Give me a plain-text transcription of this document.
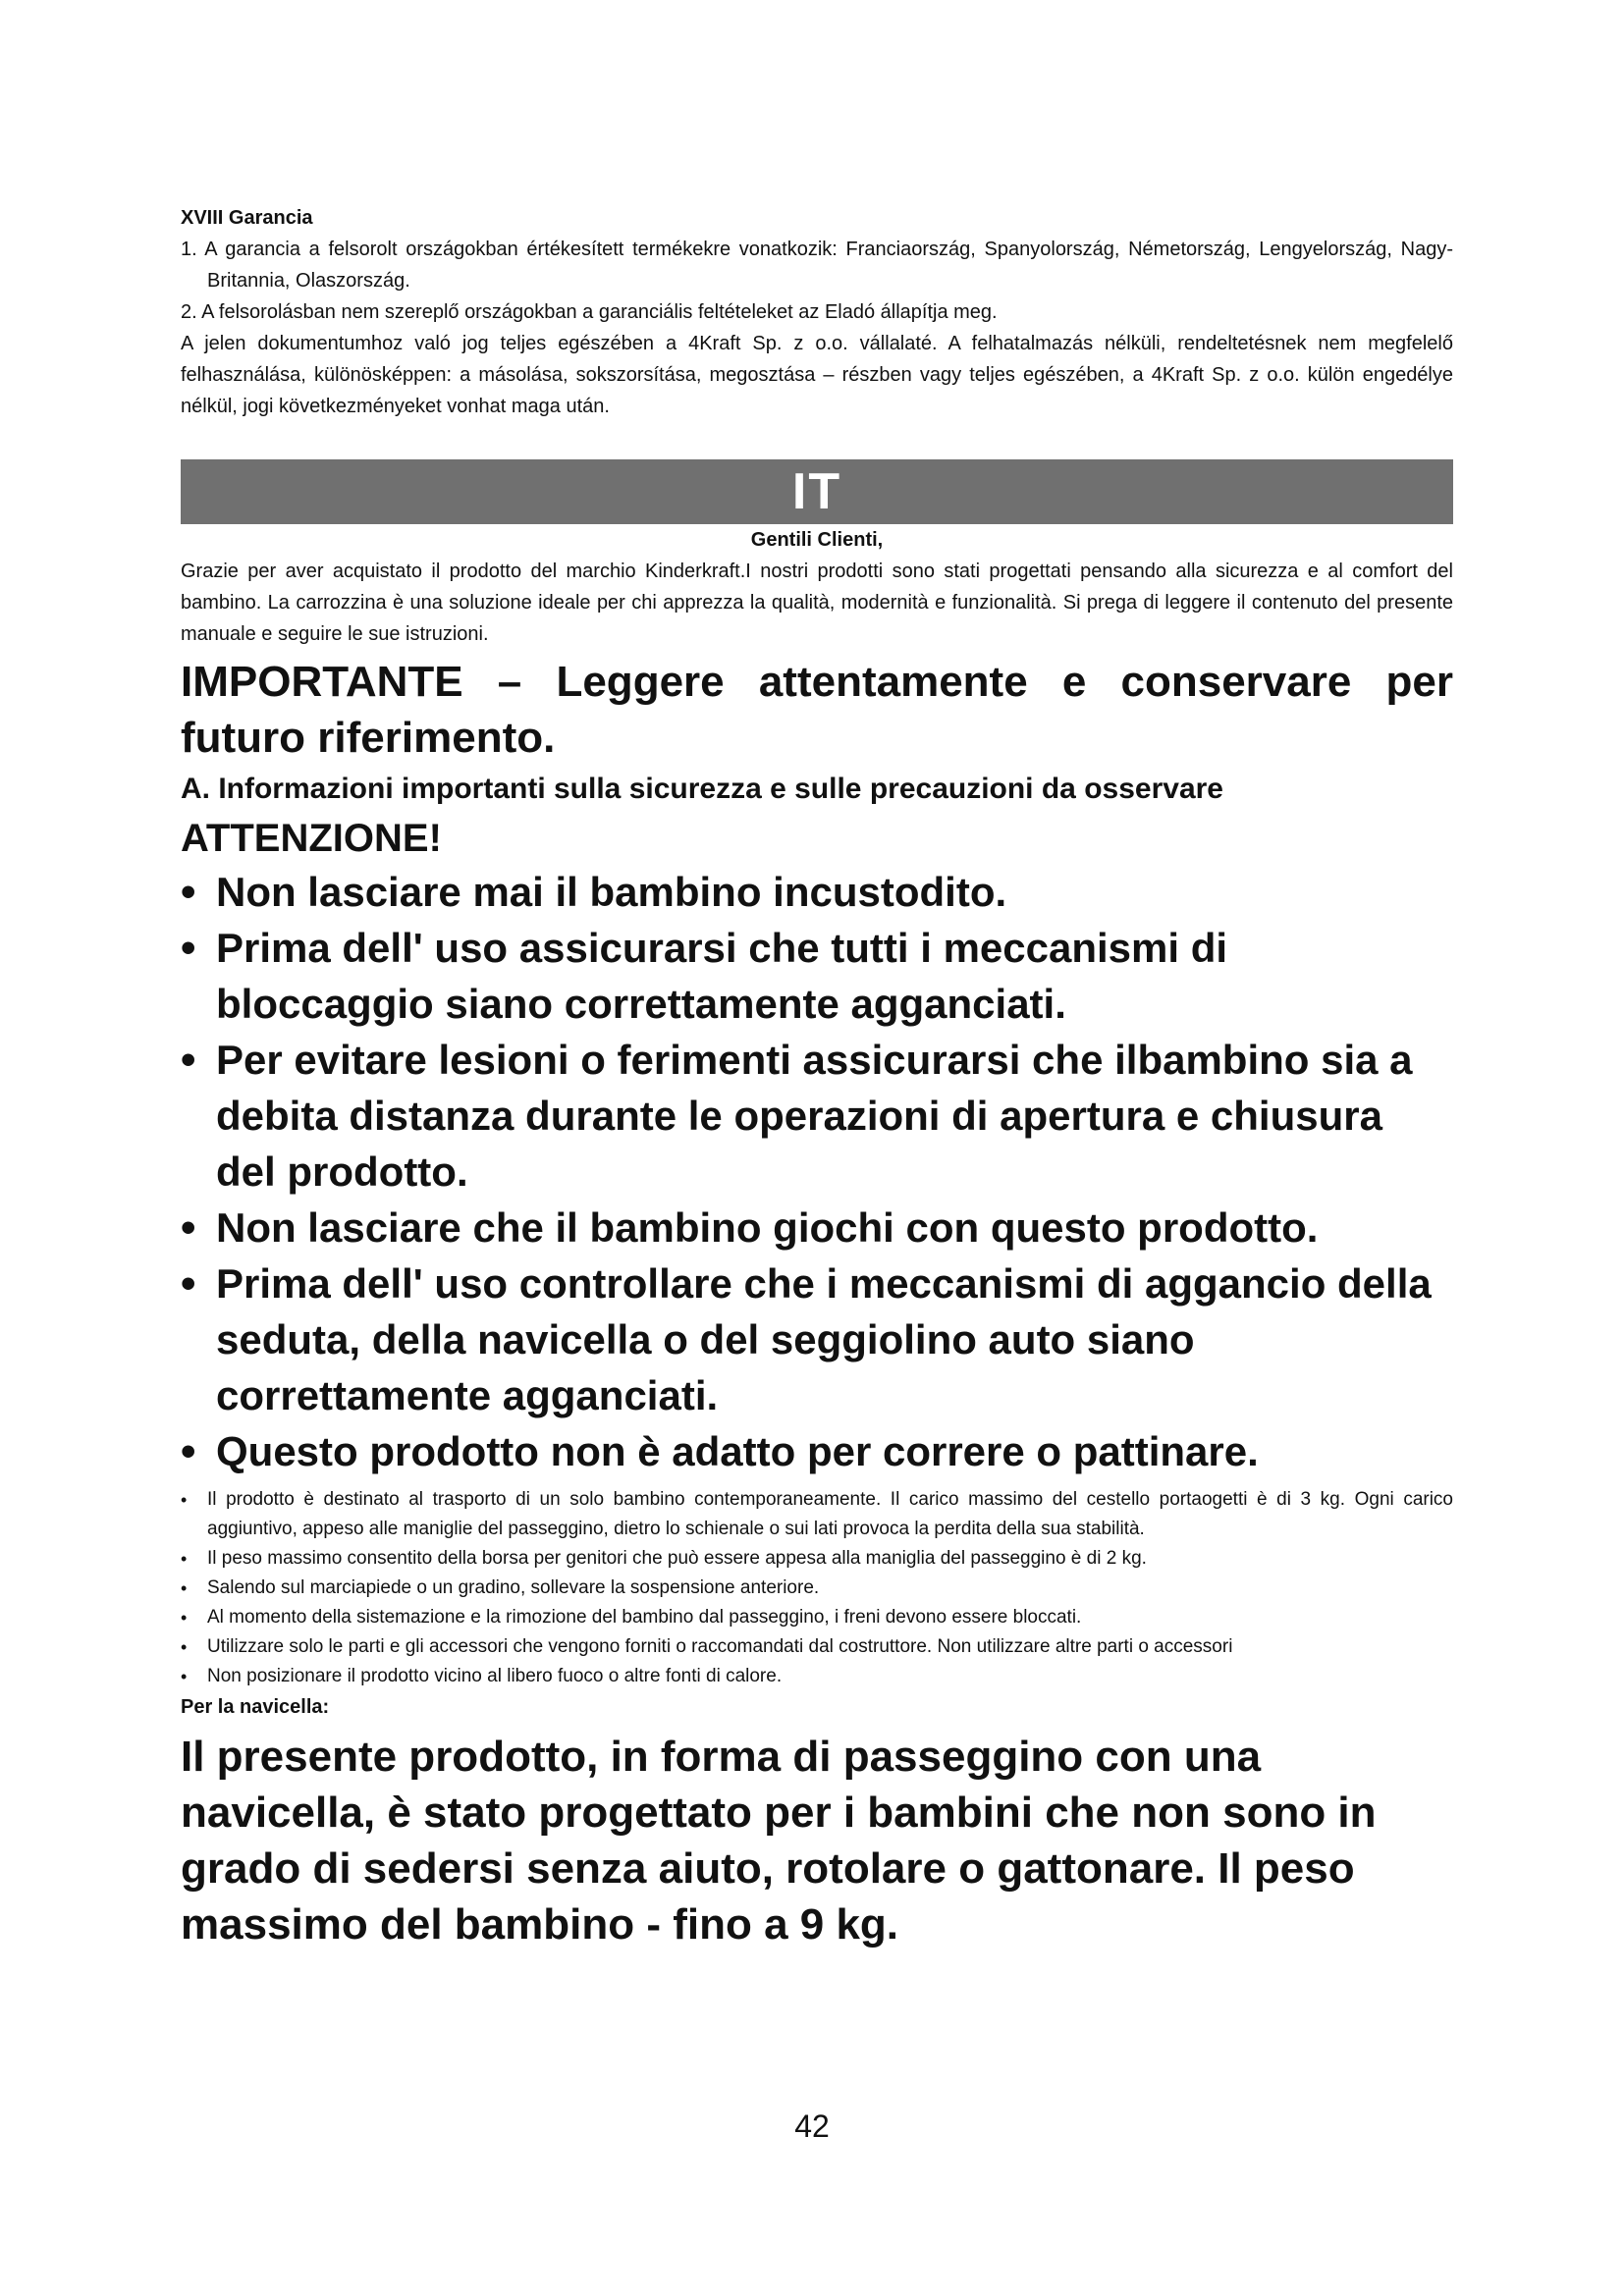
XVIII Garancia

1. A garancia a felsorolt országokban értékesített termékekre vonatkozik: Franciaország, Spanyolország, Németország, Lengyelország, Nagy-Britannia, Olaszország.

2. A felsorolásban nem szereplő országokban a garanciális feltételeket az Eladó állapítja meg.

A jelen dokumentumhoz való jog teljes egészében a 4Kraft Sp. z o.o. vállalaté. A felhatalmazás nélküli, rendeltetésnek nem megfelelő felhasználása, különösképpen: a másolása, sokszorsítása, megosztása – részben vagy teljes egészében, a 4Kraft Sp. z o.o. külön engedélye nélkül, jogi következményeket vonhat maga után.

IT

Gentili Clienti,

Grazie per aver acquistato il prodotto del marchio Kinderkraft.I nostri prodotti sono stati progettati pensando alla sicurezza e al comfort del bambino. La carrozzina è una soluzione ideale per chi apprezza la qualità, modernità e funzionalità. Si prega di leggere il contenuto del presente manuale e seguire le sue istruzioni.

IMPORTANTE – Leggere attentamente e conservare per futuro riferimento.

A. Informazioni importanti sulla sicurezza e sulle precauzioni da osservare

ATTENZIONE!

• Non lasciare mai il bambino incustodito.
• Prima dell' uso assicurarsi che tutti i meccanismi di bloccaggio siano correttamente agganciati.
• Per evitare lesioni o ferimenti assicurarsi che ilbambino sia a debita distanza durante le operazioni di apertura e chiusura del prodotto.
• Non lasciare che il bambino giochi con questo prodotto.
• Prima dell' uso controllare che i meccanismi di aggancio della seduta, della navicella o del seggiolino auto siano correttamente agganciati.
• Questo prodotto non è adatto per correre o pattinare.
•	Il prodotto è destinato al trasporto di un solo bambino contemporaneamente. Il carico massimo del cestello portaogetti è di 3 kg. Ogni carico aggiuntivo, appeso alle maniglie del passeggino, dietro lo schienale o sui lati provoca la perdita della sua stabilità.
•	Il peso massimo consentito della borsa per genitori che può essere appesa alla maniglia del passeggino è di 2 kg.
•	Salendo sul marciapiede o un gradino, sollevare la sospensione anteriore.
•	Al momento della sistemazione e la rimozione del bambino dal passeggino, i freni devono essere bloccati.
•	Utilizzare solo le parti e gli accessori che vengono forniti o raccomandati dal costruttore. Non utilizzare altre parti o accessori
•	Non posizionare il prodotto vicino al libero fuoco o altre fonti di calore.

Per la navicella:

Il presente prodotto, in forma di passeggino con una navicella, è stato progettato per i bambini che non sono in grado di sedersi senza aiuto, rotolare o gattonare. Il peso massimo del bambino - fino a 9 kg.

42
